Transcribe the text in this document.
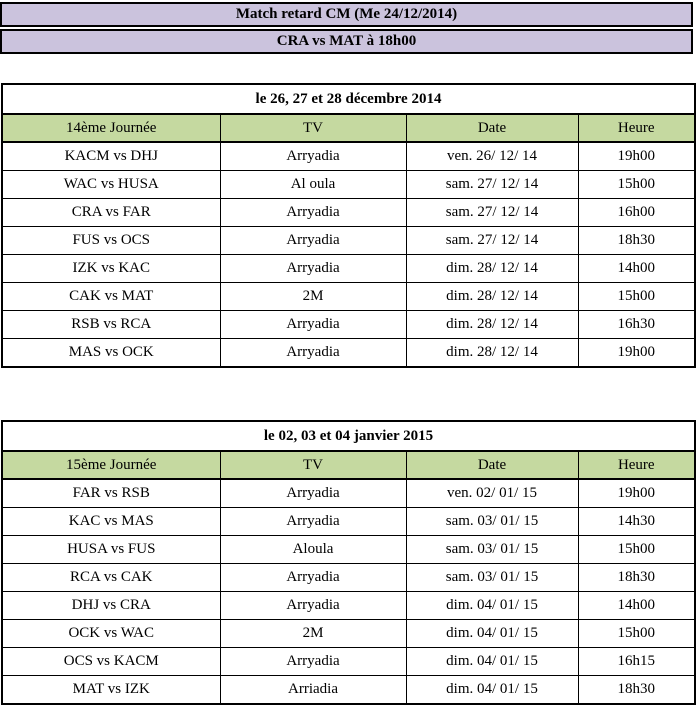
Match retard CM (Me 24/12/2014)
CRA vs MAT à 18h00
le 26, 27 et 28 décembre 2014			
14ème Journée	TV	Date	Heure
KACM vs DHJ	Arryadia	ven. 26/ 12/ 14	19h00
WAC vs HUSA	Al oula	sam. 27/ 12/ 14	15h00
CRA vs FAR	Arryadia	sam. 27/ 12/ 14	16h00
FUS vs OCS	Arryadia	sam. 27/ 12/ 14	18h30
IZK vs KAC	Arryadia	dim. 28/ 12/ 14	14h00
CAK vs MAT	2M	dim. 28/ 12/ 14	15h00
RSB vs RCA	Arryadia	dim. 28/ 12/ 14	16h30
MAS vs OCK	Arryadia	dim. 28/ 12/ 14	19h00
le 02, 03 et 04 janvier 2015			
15ème Journée	TV	Date	Heure
FAR vs RSB	Arryadia	ven. 02/ 01/ 15	19h00
KAC vs MAS	Arryadia	sam. 03/ 01/ 15	14h30
HUSA vs FUS	Aloula	sam. 03/ 01/ 15	15h00
RCA vs CAK	Arryadia	sam. 03/ 01/ 15	18h30
DHJ vs CRA	Arryadia	dim. 04/ 01/ 15	14h00
OCK vs WAC	2M	dim. 04/ 01/ 15	15h00
OCS vs KACM	Arryadia	dim. 04/ 01/ 15	16h15
MAT vs IZK	Arriadia	dim. 04/ 01/ 15	18h30
